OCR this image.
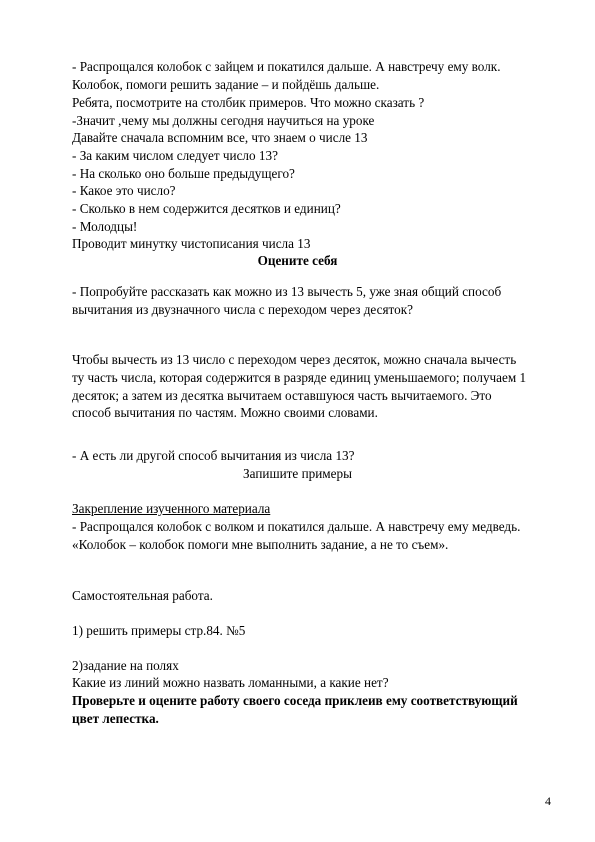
- Распрощался колобок с зайцем и покатился дальше. А навстречу ему волк.
Колобок, помоги решить задание – и пойдёшь дальше.
Ребята, посмотрите на столбик примеров. Что можно сказать ?
-Значит ,чему мы должны сегодня научиться на уроке
Давайте сначала вспомним все, что знаем о числе 13
- За каким числом следует число 13?
- На сколько оно больше предыдущего?
- Какое это число?
- Сколько в нем содержится десятков и единиц?
- Молодцы!
Проводит минутку чистописания числа 13
Оцените себя
- Попробуйте рассказать как можно из 13 вычесть 5, уже зная общий способ
вычитания из двузначного числа с переходом через десяток?
Чтобы вычесть из 13 число с переходом через десяток, можно сначала вычесть
ту часть числа, которая содержится в разряде единиц уменьшаемого; получаем 1
десяток; а затем из десятка вычитаем оставшуюся часть вычитаемого. Это
способ вычитания по частям. Можно своими словами.
- А есть ли другой способ вычитания из числа 13?
Запишите примеры
Закрепление изученного материала
- Распрощался колобок с волком и покатился дальше. А навстречу ему медведь.
«Колобок – колобок помоги мне выполнить задание, а не то съем».
Самостоятельная работа.
1) решить примеры стр.84. №5
2)задание на полях
Какие из линий можно назвать ломанными, а какие нет?
Проверьте и оцените работу своего соседа приклеив ему соответствующий
цвет лепестка.
4
